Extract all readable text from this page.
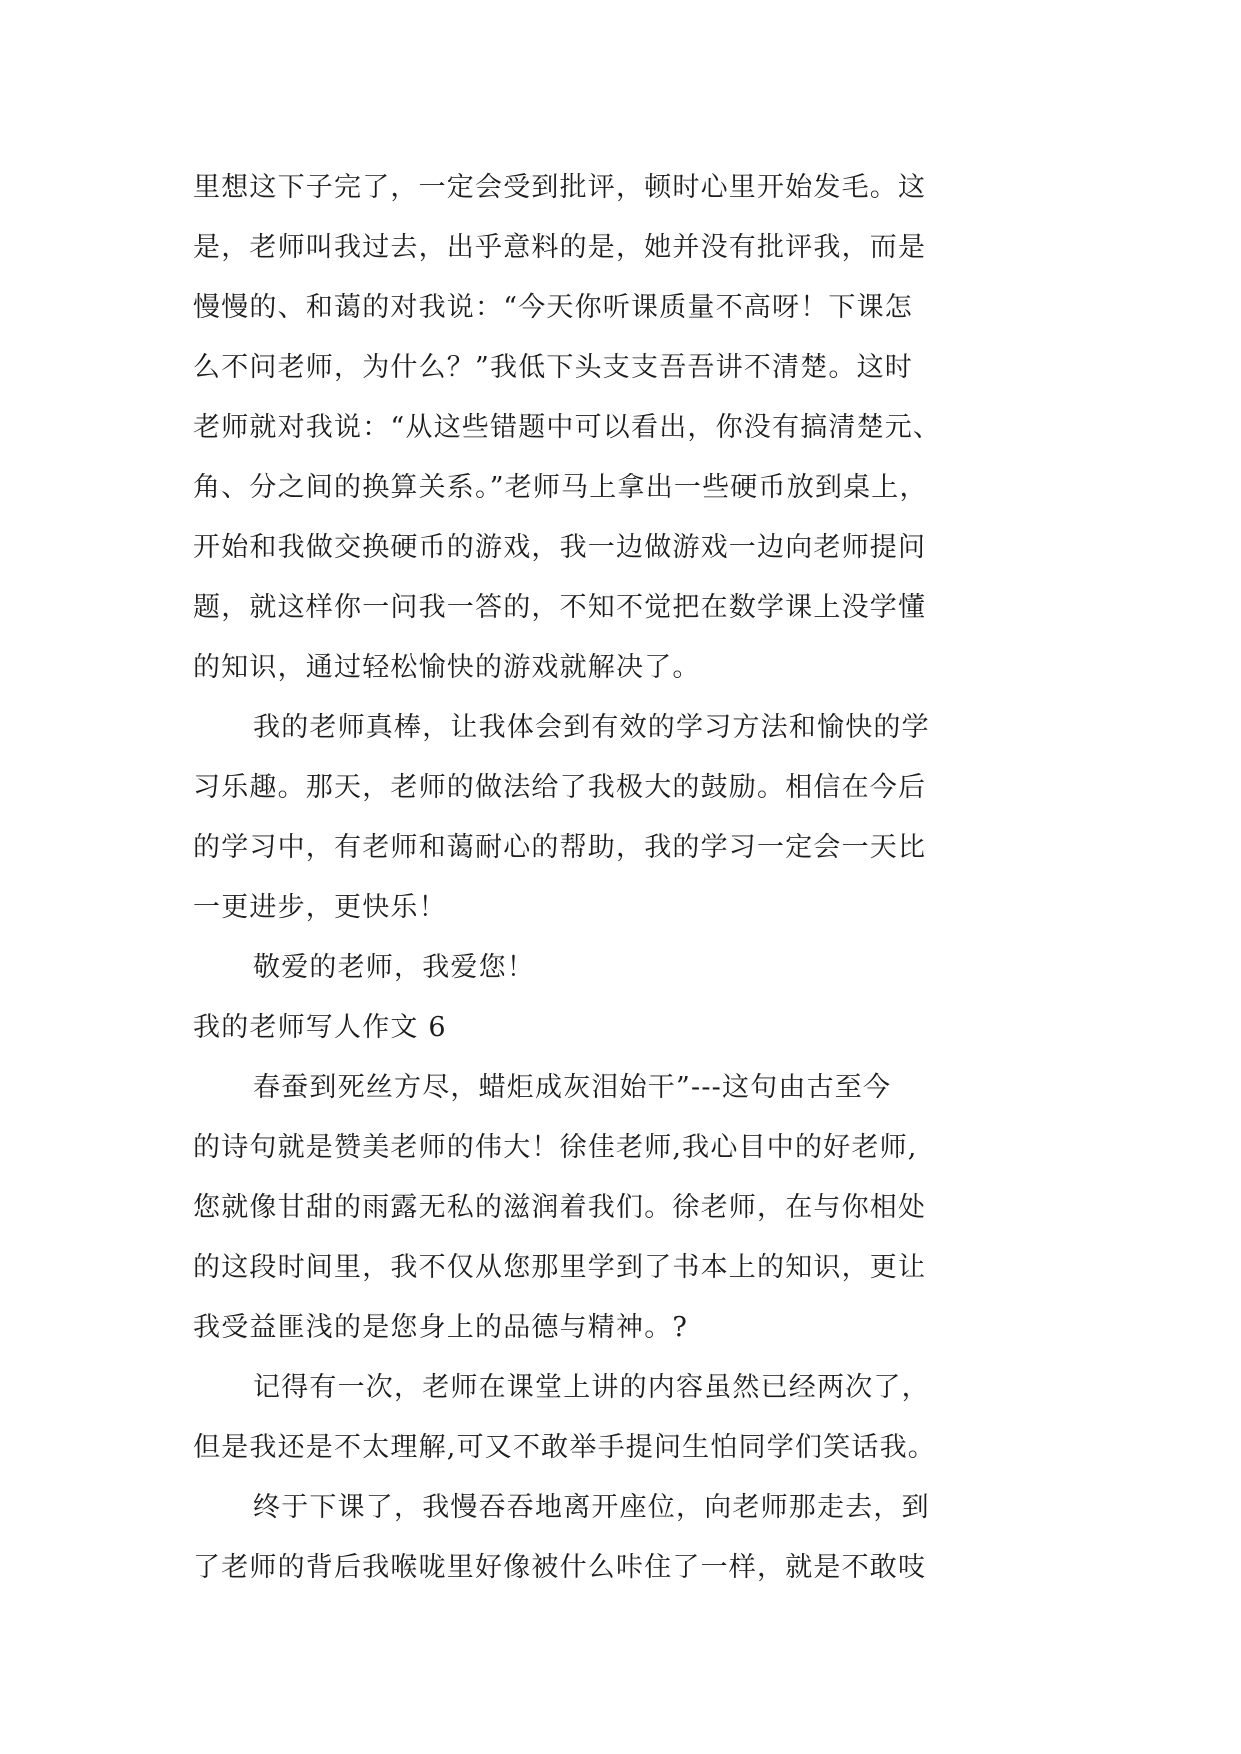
里想这下子完了，一定会受到批评，顿时心里开始发毛。这
是，老师叫我过去，出乎意料的是，她并没有批评我，而是
慢慢的、和蔼的对我说：“今天你听课质量不高呀！下课怎
么不问老师，为什么？”我低下头支支吾吾讲不清楚。这时
老师就对我说：“从这些错题中可以看出，你没有搞清楚元、
角、分之间的换算关系。”老师马上拿出一些硬币放到桌上，
开始和我做交换硬币的游戏，我一边做游戏一边向老师提问
题，就这样你一问我一答的，不知不觉把在数学课上没学懂
的知识，通过轻松愉快的游戏就解决了。
我的老师真棒，让我体会到有效的学习方法和愉快的学
习乐趣。那天，老师的做法给了我极大的鼓励。相信在今后
的学习中，有老师和蔼耐心的帮助，我的学习一定会一天比
一更进步，更快乐！
敬爱的老师，我爱您！
我的老师写人作文 6
春蚕到死丝方尽，蜡炬成灰泪始干”---这句由古至今
的诗句就是赞美老师的伟大！徐佳老师,我心目中的好老师,
您就像甘甜的雨露无私的滋润着我们。徐老师，在与你相处
的这段时间里，我不仅从您那里学到了书本上的知识，更让
我受益匪浅的是您身上的品德与精神。?
记得有一次，老师在课堂上讲的内容虽然已经两次了，
但是我还是不太理解,可又不敢举手提问生怕同学们笑话我。
终于下课了，我慢吞吞地离开座位，向老师那走去，到
了老师的背后我喉咙里好像被什么咔住了一样，就是不敢吱
